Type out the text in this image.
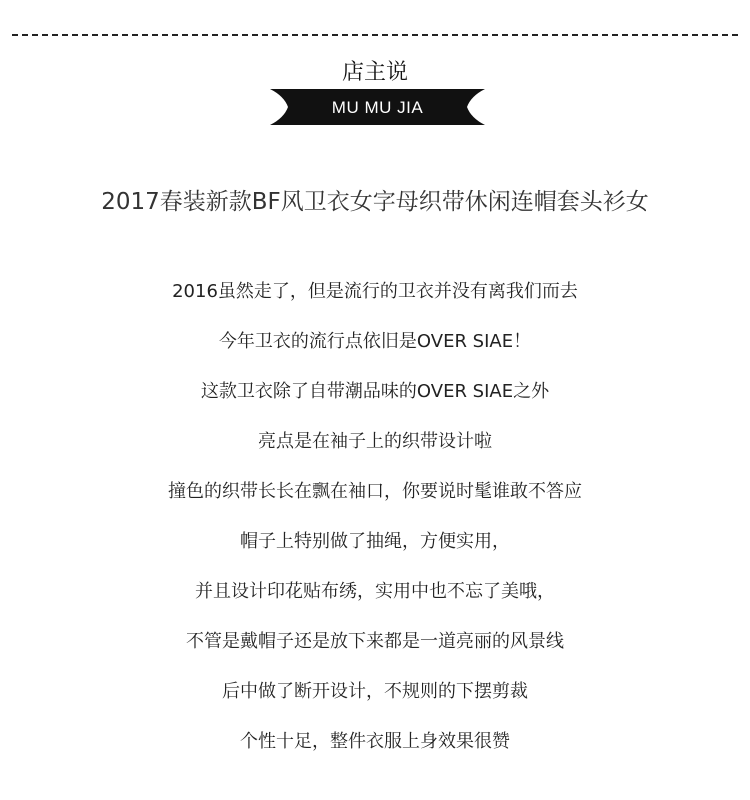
店主说
MU MU JIA
2017春装新款BF风卫衣女字母织带休闲连帽套头衫女
2016虽然走了，但是流行的卫衣并没有离我们而去
今年卫衣的流行点依旧是OVER SIAE！
这款卫衣除了自带潮品味的OVER SIAE之外
亮点是在袖子上的织带设计啦
撞色的织带长长在飘在袖口，你要说时髦谁敢不答应
帽子上特别做了抽绳，方便实用，
并且设计印花贴布绣，实用中也不忘了美哦，
不管是戴帽子还是放下来都是一道亮丽的风景线
后中做了断开设计，不规则的下摆剪裁
个性十足，整件衣服上身效果很赞
